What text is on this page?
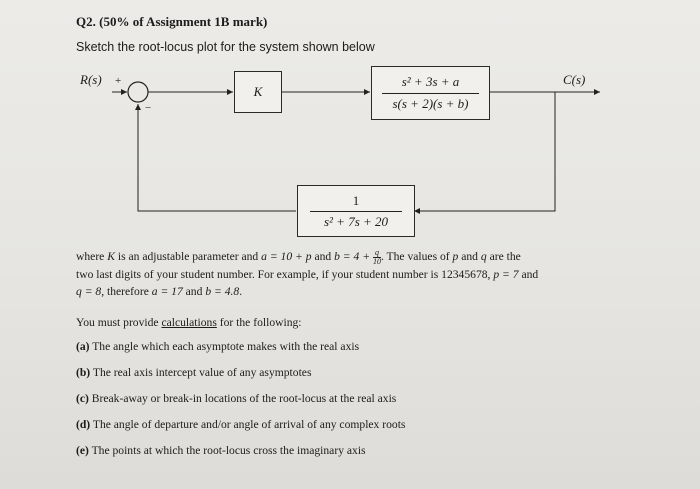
Q2. (50% of Assignment 1B mark)
Sketch the root-locus plot for the system shown below
R(s) +
−
C(s)
K
s² + 3s + a
s(s + 2)(s + b)
1
s² + 7s + 20

where K is an adjustable parameter and a = 10 + p and $b = 4 + \frac{q}{10}$ . The values of p and q are the

two last digits of your student number. For example, if your student number is 12345678, p = 7 and

q = 8, therefore a = 17 and b = 4.8.

You must provide calculations for the following:
(a) The angle which each asymptote makes with the real axis
(b) The real axis intercept value of any asymptotes
(c) Break-away or break-in locations of the root-locus at the real axis
(d) The angle of departure and/or angle of arrival of any complex roots
(e) The points at which the root-locus cross the imaginary axis
